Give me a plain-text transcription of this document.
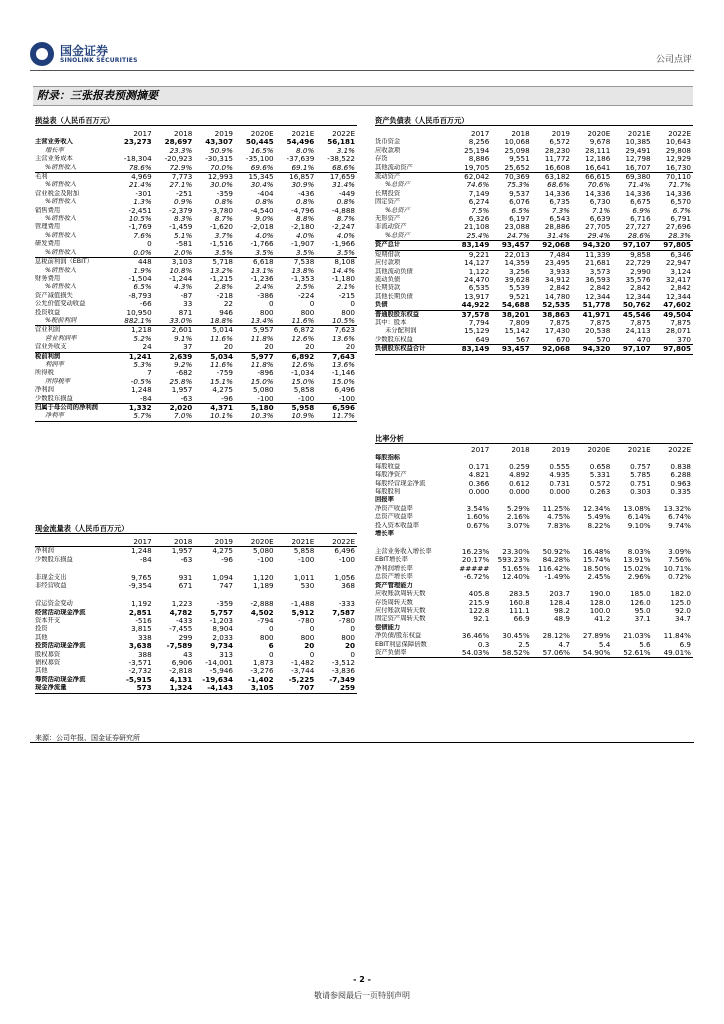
国金证券
SINOLINK SECURITIES	公司点评
附录：三张报表预测摘要
损益表（人民币百万元）
	2017	2018	2019	2020E	2021E	2022E
主营业务收入	23,273	28,697	43,307	50,445	54,496	56,181
增长率		23.3%	50.9%	16.5%	8.0%	3.1%
主营业务成本	-18,304	-20,923	-30,315	-35,100	-37,639	-38,522
%销售收入	78.6%	72.9%	70.0%	69.6%	69.1%	68.6%
毛利	4,969	7,773	12,993	15,345	16,857	17,659
%销售收入	21.4%	27.1%	30.0%	30.4%	30.9%	31.4%
营业税金及附加	-301	-251	-359	-404	-436	-449
%销售收入	1.3%	0.9%	0.8%	0.8%	0.8%	0.8%
销售费用	-2,451	-2,379	-3,780	-4,540	-4,796	-4,888
%销售收入	10.5%	8.3%	8.7%	9.0%	8.8%	8.7%
管理费用	-1,769	-1,459	-1,620	-2,018	-2,180	-2,247
%销售收入	7.6%	5.1%	3.7%	4.0%	4.0%	4.0%
研发费用	0	-581	-1,516	-1,766	-1,907	-1,966
%销售收入	0.0%	2.0%	3.5%	3.5%	3.5%	3.5%
息税前利润（EBIT）	448	3,103	5,718	6,618	7,538	8,108
%销售收入	1.9%	10.8%	13.2%	13.1%	13.8%	14.4%
财务费用	-1,504	-1,244	-1,215	-1,236	-1,353	-1,180
%销售收入	6.5%	4.3%	2.8%	2.4%	2.5%	2.1%
资产减值损失	-8,793	-87	-218	-386	-224	-215
公允价值变动收益	-66	33	22	0	0	0
投资收益	10,950	871	946	800	800	800
%税前利润	882.1%	33.0%	18.8%	13.4%	11.6%	10.5%
营业利润	1,218	2,601	5,014	5,957	6,872	7,623
营业利润率	5.2%	9.1%	11.6%	11.8%	12.6%	13.6%
营业外收支	24	37	20	20	20	20
税前利润	1,241	2,639	5,034	5,977	6,892	7,643
利润率	5.3%	9.2%	11.6%	11.8%	12.6%	13.6%
所得税	7	-682	-759	-896	-1,034	-1,146
所得税率	-0.5%	25.8%	15.1%	15.0%	15.0%	15.0%
净利润	1,248	1,957	4,275	5,080	5,858	6,496
少数股东损益	-84	-63	-96	-100	-100	-100
归属于母公司的净利润	1,332	2,020	4,371	5,180	5,958	6,596
净利率	5.7%	7.0%	10.1%	10.3%	10.9%	11.7%
现金流量表（人民币百万元）
	2017	2018	2019	2020E	2021E	2022E
净利润	1,248	1,957	4,275	5,080	5,858	6,496
少数股东损益	-84	-63	-96	-100	-100	-100
非现金支出	9,765	931	1,094	1,120	1,011	1,056
非经营收益	-9,354	671	747	1,189	530	368
营运资金变动	1,192	1,223	-359	-2,888	-1,488	-333
经营活动现金净流	2,851	4,782	5,757	4,502	5,912	7,587
资本开支	-516	-433	-1,203	-794	-780	-780
投资	3,815	-7,455	8,904	0	0	0
其他	338	299	2,033	800	800	800
投资活动现金净流	3,638	-7,589	9,734	6	20	20
股权募资	388	43	313	0	0	0
债权募资	-3,571	6,906	-14,001	1,873	-1,482	-3,512
其他	-2,732	-2,818	-5,946	-3,276	-3,744	-3,836
筹资活动现金净流	-5,915	4,131	-19,634	-1,402	-5,225	-7,349
现金净流量	573	1,324	-4,143	3,105	707	259
资产负债表（人民币百万元）
	2017	2018	2019	2020E	2021E	2022E
货币资金	8,256	10,068	6,572	9,678	10,385	10,643
应收款项	25,194	25,098	28,230	28,111	29,491	29,808
存货	8,886	9,551	11,772	12,186	12,798	12,929
其他流动资产	19,705	25,652	16,608	16,641	16,707	16,730
流动资产	62,042	70,369	63,182	66,615	69,380	70,110
%总资产	74.6%	75.3%	68.6%	70.6%	71.4%	71.7%
长期投资	7,149	9,537	14,336	14,336	14,336	14,336
固定资产	6,274	6,076	6,735	6,730	6,675	6,570
%总资产	7.5%	6.5%	7.3%	7.1%	6.9%	6.7%
无形资产	6,326	6,197	6,543	6,639	6,716	6,791
非流动资产	21,108	23,088	28,886	27,705	27,727	27,696
%总资产	25.4%	24.7%	31.4%	29.4%	28.6%	28.3%
资产总计	83,149	93,457	92,068	94,320	97,107	97,805
短期借款	9,221	22,013	7,484	11,339	9,858	6,346
应付款项	14,127	14,359	23,495	21,681	22,729	22,947
其他流动负债	1,122	3,256	3,933	3,573	2,990	3,124
流动负债	24,470	39,628	34,912	36,593	35,576	32,417
长期贷款	6,535	5,539	2,842	2,842	2,842	2,842
其他长期负债	13,917	9,521	14,780	12,344	12,344	12,344
负债	44,922	54,688	52,535	51,778	50,762	47,602
普通股股东权益	37,578	38,201	38,863	41,971	45,546	49,504
其中：股本	7,794	7,809	7,875	7,875	7,875	7,875
未分配利润	15,129	15,142	17,430	20,538	24,113	28,071
少数股东权益	649	567	670	570	470	370
负债股东权益合计	83,149	93,457	92,068	94,320	97,107	97,805
比率分析
	2017	2018	2019	2020E	2021E	2022E
每股指标						
每股收益	0.171	0.259	0.555	0.658	0.757	0.838
每股净资产	4.821	4.892	4.935	5.331	5.785	6.288
每股经营现金净流	0.366	0.612	0.731	0.572	0.751	0.963
每股股利	0.000	0.000	0.000	0.263	0.303	0.335
回报率						
净资产收益率	3.54%	5.29%	11.25%	12.34%	13.08%	13.32%
总资产收益率	1.60%	2.16%	4.75%	5.49%	6.14%	6.74%
投入资本收益率	0.67%	3.07%	7.83%	8.22%	9.10%	9.74%
增长率						
主营业务收入增长率	16.23%	23.30%	50.92%	16.48%	8.03%	3.09%
EBIT增长率	20.17%	593.23%	84.28%	15.74%	13.91%	7.56%
净利润增长率	#####	51.65%	116.42%	18.50%	15.02%	10.71%
总资产增长率	-6.72%	12.40%	-1.49%	2.45%	2.96%	0.72%
资产管理能力						
应收账款周转天数	405.8	283.5	203.7	190.0	185.0	182.0
存货周转天数	215.9	160.8	128.4	128.0	126.0	125.0
应付账款周转天数	122.8	111.1	98.2	100.0	95.0	92.0
固定资产周转天数	92.1	66.9	48.9	41.2	37.1	34.7
偿债能力						
净负债/股东权益	36.46%	30.45%	28.12%	27.89%	21.03%	11.84%
EBIT利息保障倍数	0.3	2.5	4.7	5.4	5.6	6.9
资产负债率	54.03%	58.52%	57.06%	54.90%	52.61%	49.01%
来源：公司年报、国金证券研究所
- 2 -
敬请参阅最后一页特别声明
